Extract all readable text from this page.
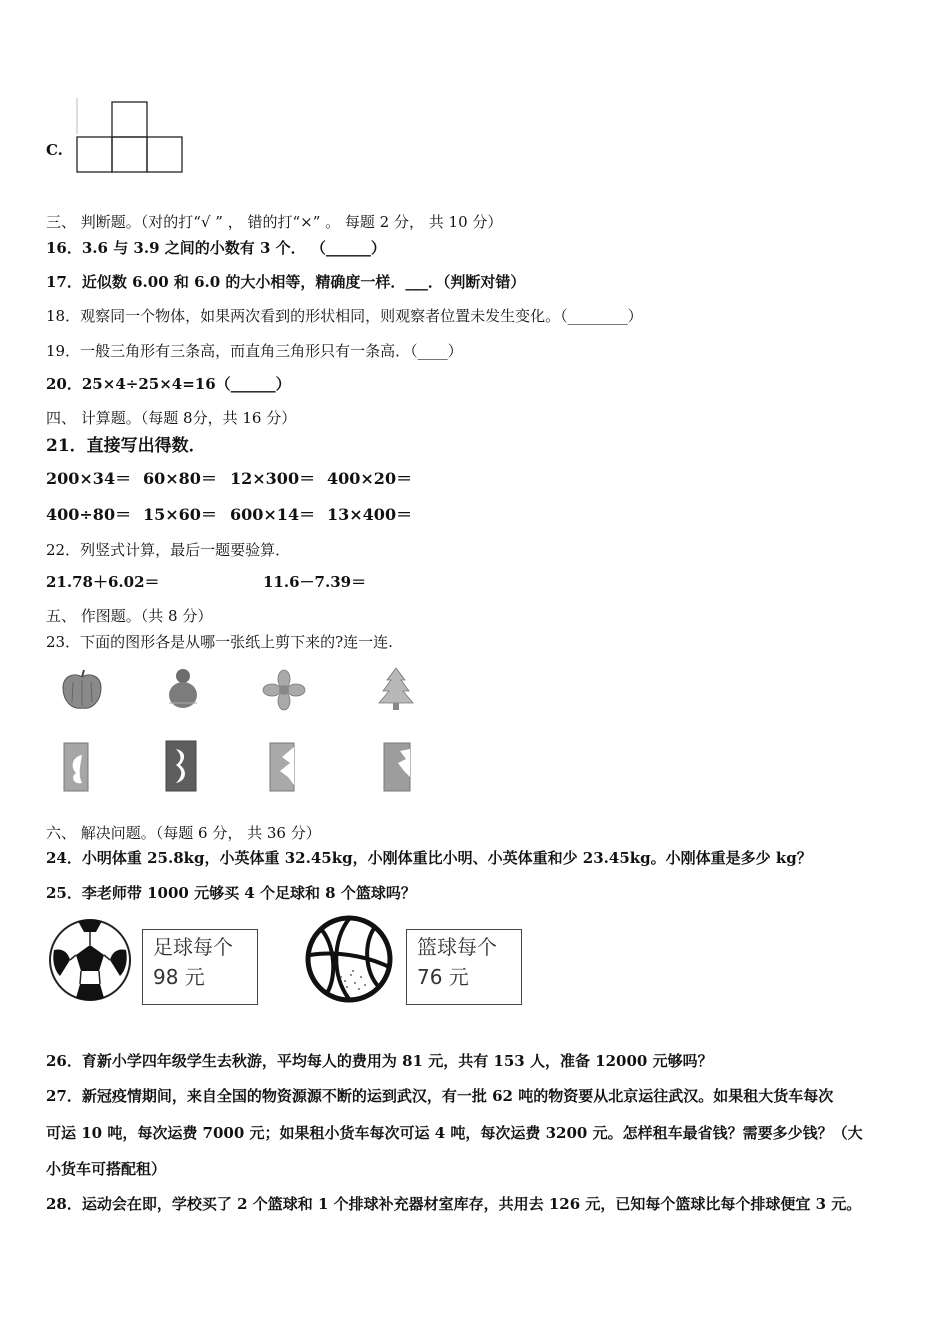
C.
三、 判断题。（对的打“√ ” ， 错的打“×” 。 每题 2 分， 共 10 分）
16．3.6 与 3.9 之间的小数有 3 个． （______）
17．近似数 6.00 和 6.0 的大小相等，精确度一样．___．（判断对错）
18．观察同一个物体，如果两次看到的形状相同，则观察者位置未发生变化。（________）
19．一般三角形有三条高，而直角三角形只有一条高．（____）
20．25×4÷25×4=16（______）
四、 计算题。（每题 8分，共 16 分）
21．直接写出得数．
200×34＝ 60×80＝ 12×300＝ 400×20＝
400÷80＝ 15×60＝ 600×14＝ 13×400＝
22．列竖式计算，最后一题要验算．
21.78＋6.02＝	11.6－7.39＝
五、 作图题。（共 8 分）
23．下面的图形各是从哪一张纸上剪下来的?连一连.
六、 解决问题。（每题 6 分， 共 36 分）
24．小明体重 25.8kg，小英体重 32.45kg，小刚体重比小明、小英体重和少 23.45kg。小刚体重是多少 kg？
25．李老师带 1000 元够买 4 个足球和 8 个篮球吗？
足球每个
98 元
篮球每个
76 元
26．育新小学四年级学生去秋游，平均每人的费用为 81 元，共有 153 人，准备 12000 元够吗？
27．新冠疫情期间，来自全国的物资源源不断的运到武汉，有一批 62 吨的物资要从北京运往武汉。如果租大货车每次
可运 10 吨，每次运费 7000 元；如果租小货车每次可运 4 吨，每次运费 3200 元。怎样租车最省钱？需要多少钱？（大
小货车可搭配租）
28．运动会在即，学校买了 2 个篮球和 1 个排球补充器材室库存，共用去 126 元，已知每个篮球比每个排球便宜 3 元。
